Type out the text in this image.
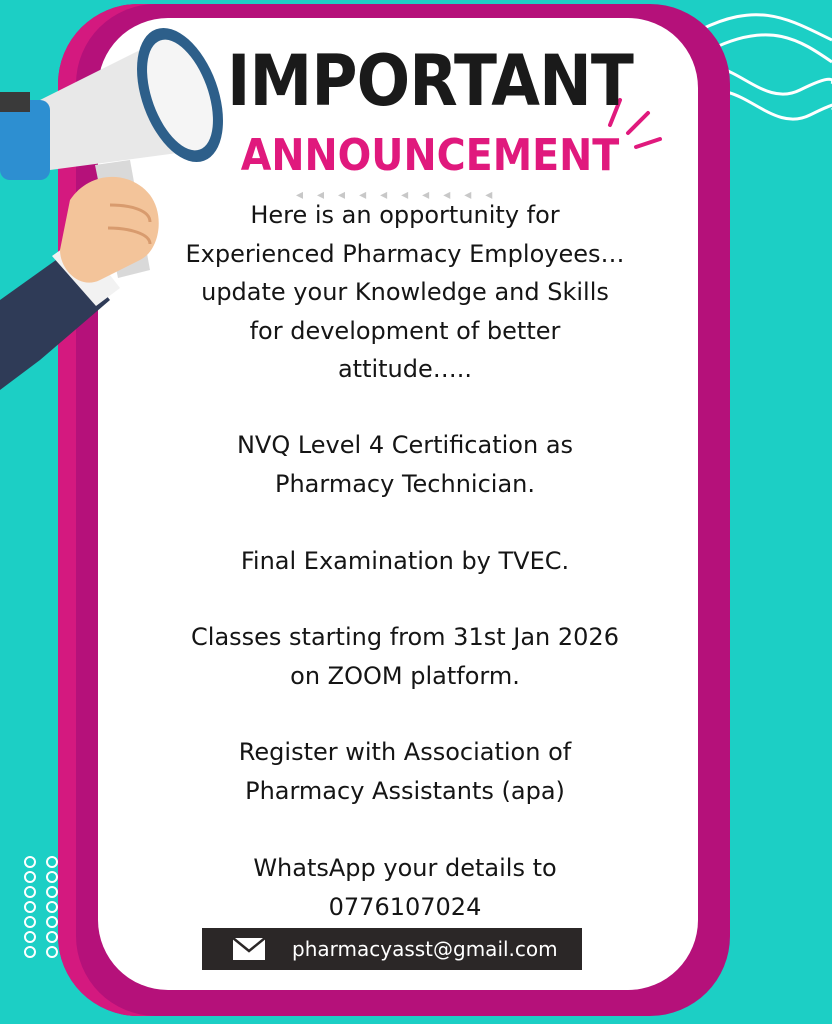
IMPORTANT
ANNOUNCEMENT
◂◂◂◂◂◂◂◂◂◂
Here is an opportunity for
Experienced Pharmacy Employees…
update your Knowledge and Skills
for development of better
attitude…..
NVQ Level 4 Certification as
Pharmacy Technician.
Final Examination by TVEC.
Classes starting from 31st Jan 2026
on ZOOM platform.
Register with Association of
Pharmacy Assistants (apa)
WhatsApp your details to
0776107024
pharmacyasst@gmail.com
